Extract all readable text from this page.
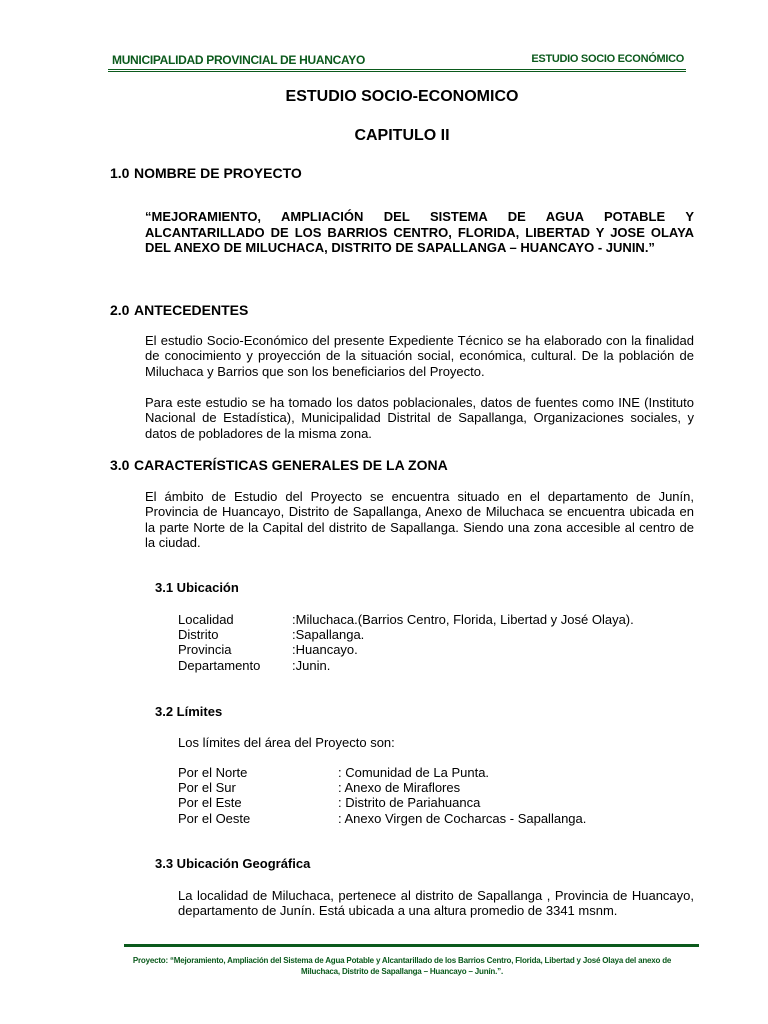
MUNICIPALIDAD PROVINCIAL DE HUANCAYO	ESTUDIO SOCIO ECONÓMICO
ESTUDIO SOCIO-ECONOMICO
CAPITULO II
1.0 NOMBRE DE PROYECTO
“MEJORAMIENTO, AMPLIACIÓN DEL SISTEMA DE AGUA POTABLE Y ALCANTARILLADO DE LOS BARRIOS CENTRO, FLORIDA, LIBERTAD Y JOSE OLAYA DEL ANEXO DE MILUCHACA, DISTRITO DE SAPALLANGA – HUANCAYO - JUNIN.”
2.0 ANTECEDENTES
El estudio Socio-Económico del presente Expediente Técnico se ha elaborado con la finalidad de conocimiento y proyección de la situación social, económica, cultural. De la población de Miluchaca y Barrios que son los beneficiarios del Proyecto.
Para este estudio se ha tomado los datos poblacionales, datos de fuentes como INE (Instituto Nacional de Estadística), Municipalidad Distrital de Sapallanga, Organizaciones sociales, y datos de pobladores de la misma zona.
3.0 CARACTERÍSTICAS GENERALES DE LA ZONA
El ámbito de Estudio del Proyecto se encuentra situado en el departamento de Junín, Provincia de Huancayo, Distrito de Sapallanga, Anexo de Miluchaca se encuentra ubicada en la parte Norte de la Capital del distrito de Sapallanga. Siendo una zona accesible al centro de la ciudad.
3.1 Ubicación
Localidad	:Miluchaca.(Barrios Centro, Florida, Libertad y José Olaya).
Distrito	:Sapallanga.
Provincia	:Huancayo.
Departamento	:Junin.
3.2 Límites
Los límites del área del Proyecto son:
Por el Norte	: Comunidad de La Punta.
Por el Sur	: Anexo de Miraflores
Por el Este	: Distrito de Pariahuanca
Por el Oeste	: Anexo Virgen de Cocharcas - Sapallanga.
3.3 Ubicación Geográfica
La localidad de Miluchaca, pertenece al distrito de Sapallanga , Provincia de Huancayo, departamento de Junín. Está ubicada a una altura promedio de 3341 msnm.
Proyecto: “Mejoramiento, Ampliación del Sistema de Agua Potable y Alcantarillado de los Barrios Centro, Florida, Libertad y José Olaya del anexo de
Miluchaca, Distrito de Sapallanga – Huancayo – Junín.”.
